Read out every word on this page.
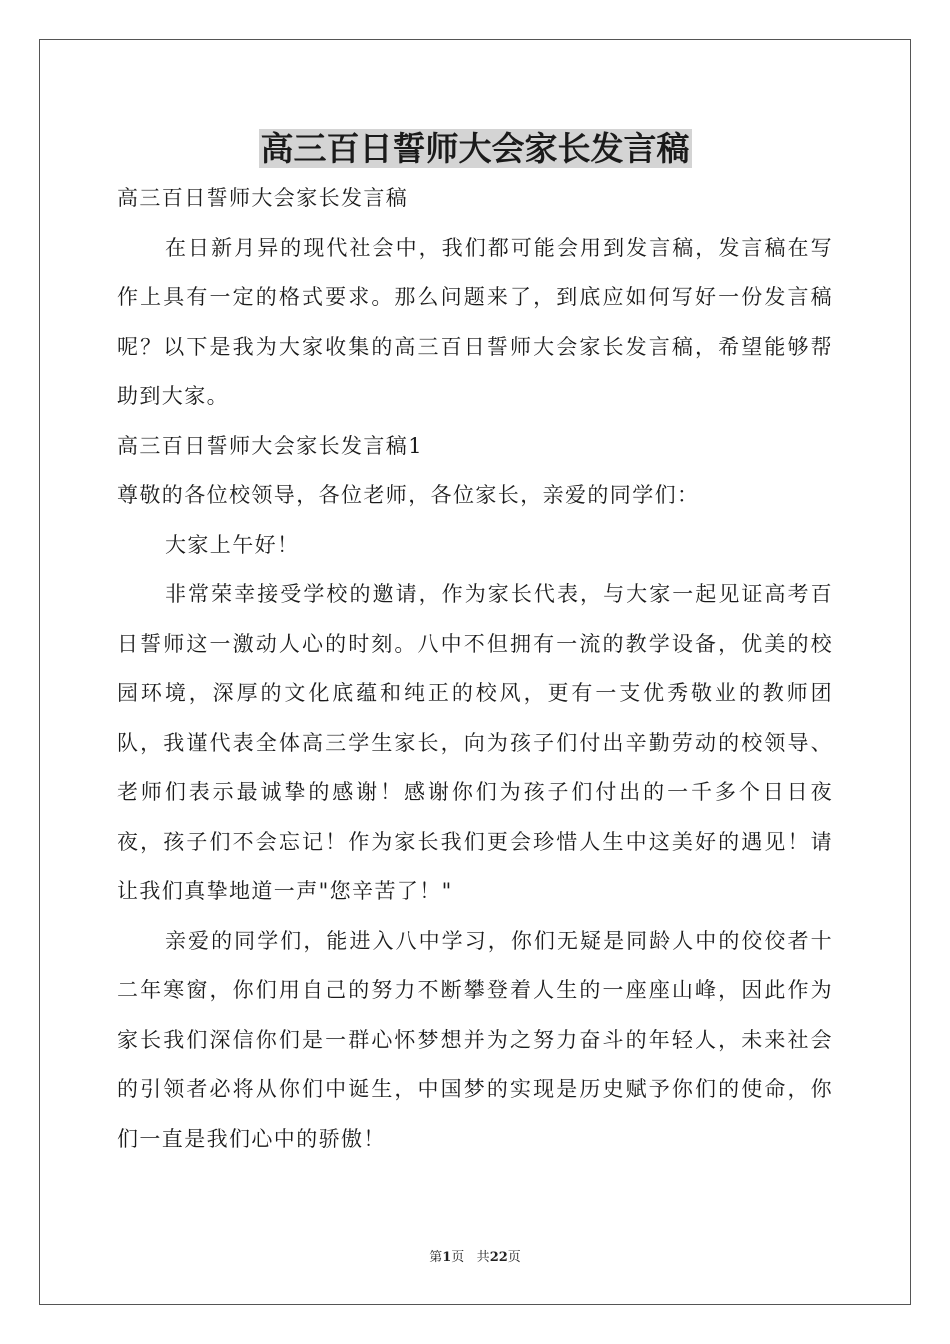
高三百日誓师大会家长发言稿

高三百日誓师大会家长发言稿

在日新月异的现代社会中，我们都可能会用到发言稿，发言稿在写作上具有一定的格式要求。那么问题来了，到底应如何写好一份发言稿呢？以下是我为大家收集的高三百日誓师大会家长发言稿，希望能够帮助到大家。

高三百日誓师大会家长发言稿1

尊敬的各位校领导，各位老师，各位家长，亲爱的同学们：

大家上午好！

非常荣幸接受学校的邀请，作为家长代表，与大家一起见证高考百日誓师这一激动人心的时刻。八中不但拥有一流的教学设备，优美的校园环境，深厚的文化底蕴和纯正的校风，更有一支优秀敬业的教师团队，我谨代表全体高三学生家长，向为孩子们付出辛勤劳动的校领导、老师们表示最诚挚的感谢！感谢你们为孩子们付出的一千多个日日夜夜，孩子们不会忘记！作为家长我们更会珍惜人生中这美好的遇见！请让我们真挚地道一声"您辛苦了！"

亲爱的同学们，能进入八中学习，你们无疑是同龄人中的佼佼者十二年寒窗，你们用自己的努力不断攀登着人生的一座座山峰，因此作为家长我们深信你们是一群心怀梦想并为之努力奋斗的年轻人，未来社会的引领者必将从你们中诞生，中国梦的实现是历史赋予你们的使命，你们一直是我们心中的骄傲！

第1页 共22页
